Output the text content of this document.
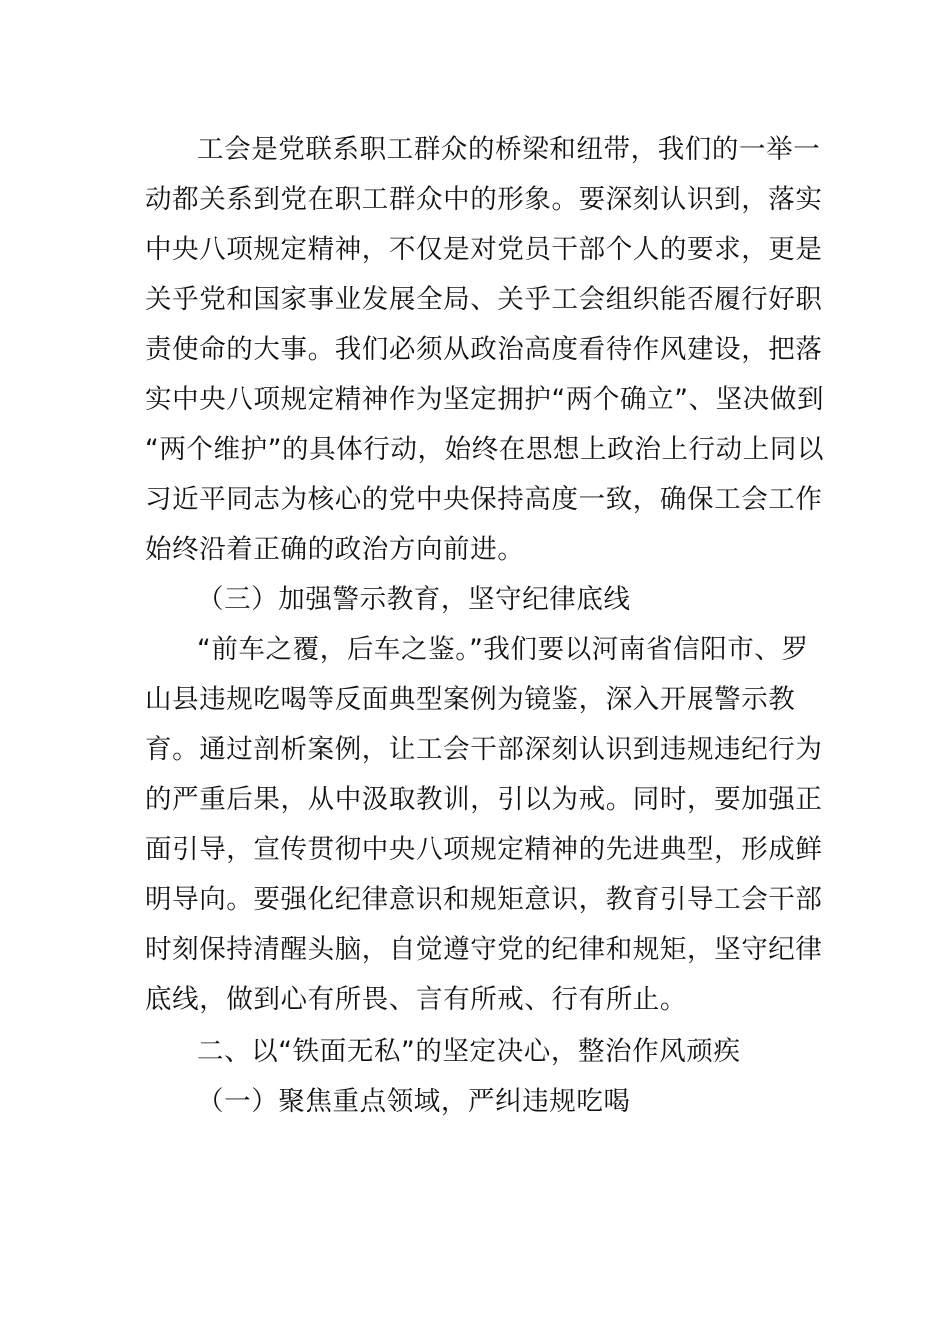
工会是党联系职工群众的桥梁和纽带，我们的一举一
动都关系到党在职工群众中的形象。要深刻认识到，落实
中央八项规定精神，不仅是对党员干部个人的要求，更是
关乎党和国家事业发展全局、关乎工会组织能否履行好职
责使命的大事。我们必须从政治高度看待作风建设，把落
实中央八项规定精神作为坚定拥护“两个确立”、坚决做到
“两个维护”的具体行动，始终在思想上政治上行动上同以
习近平同志为核心的党中央保持高度一致，确保工会工作
始终沿着正确的政治方向前进。
（三）加强警示教育，坚守纪律底线
“前车之覆，后车之鉴。”我们要以河南省信阳市、罗
山县违规吃喝等反面典型案例为镜鉴，深入开展警示教
育。通过剖析案例，让工会干部深刻认识到违规违纪行为
的严重后果，从中汲取教训，引以为戒。同时，要加强正
面引导，宣传贯彻中央八项规定精神的先进典型，形成鲜
明导向。要强化纪律意识和规矩意识，教育引导工会干部
时刻保持清醒头脑，自觉遵守党的纪律和规矩，坚守纪律
底线，做到心有所畏、言有所戒、行有所止。
二、以“铁面无私”的坚定决心，整治作风顽疾
（一）聚焦重点领域，严纠违规吃喝
